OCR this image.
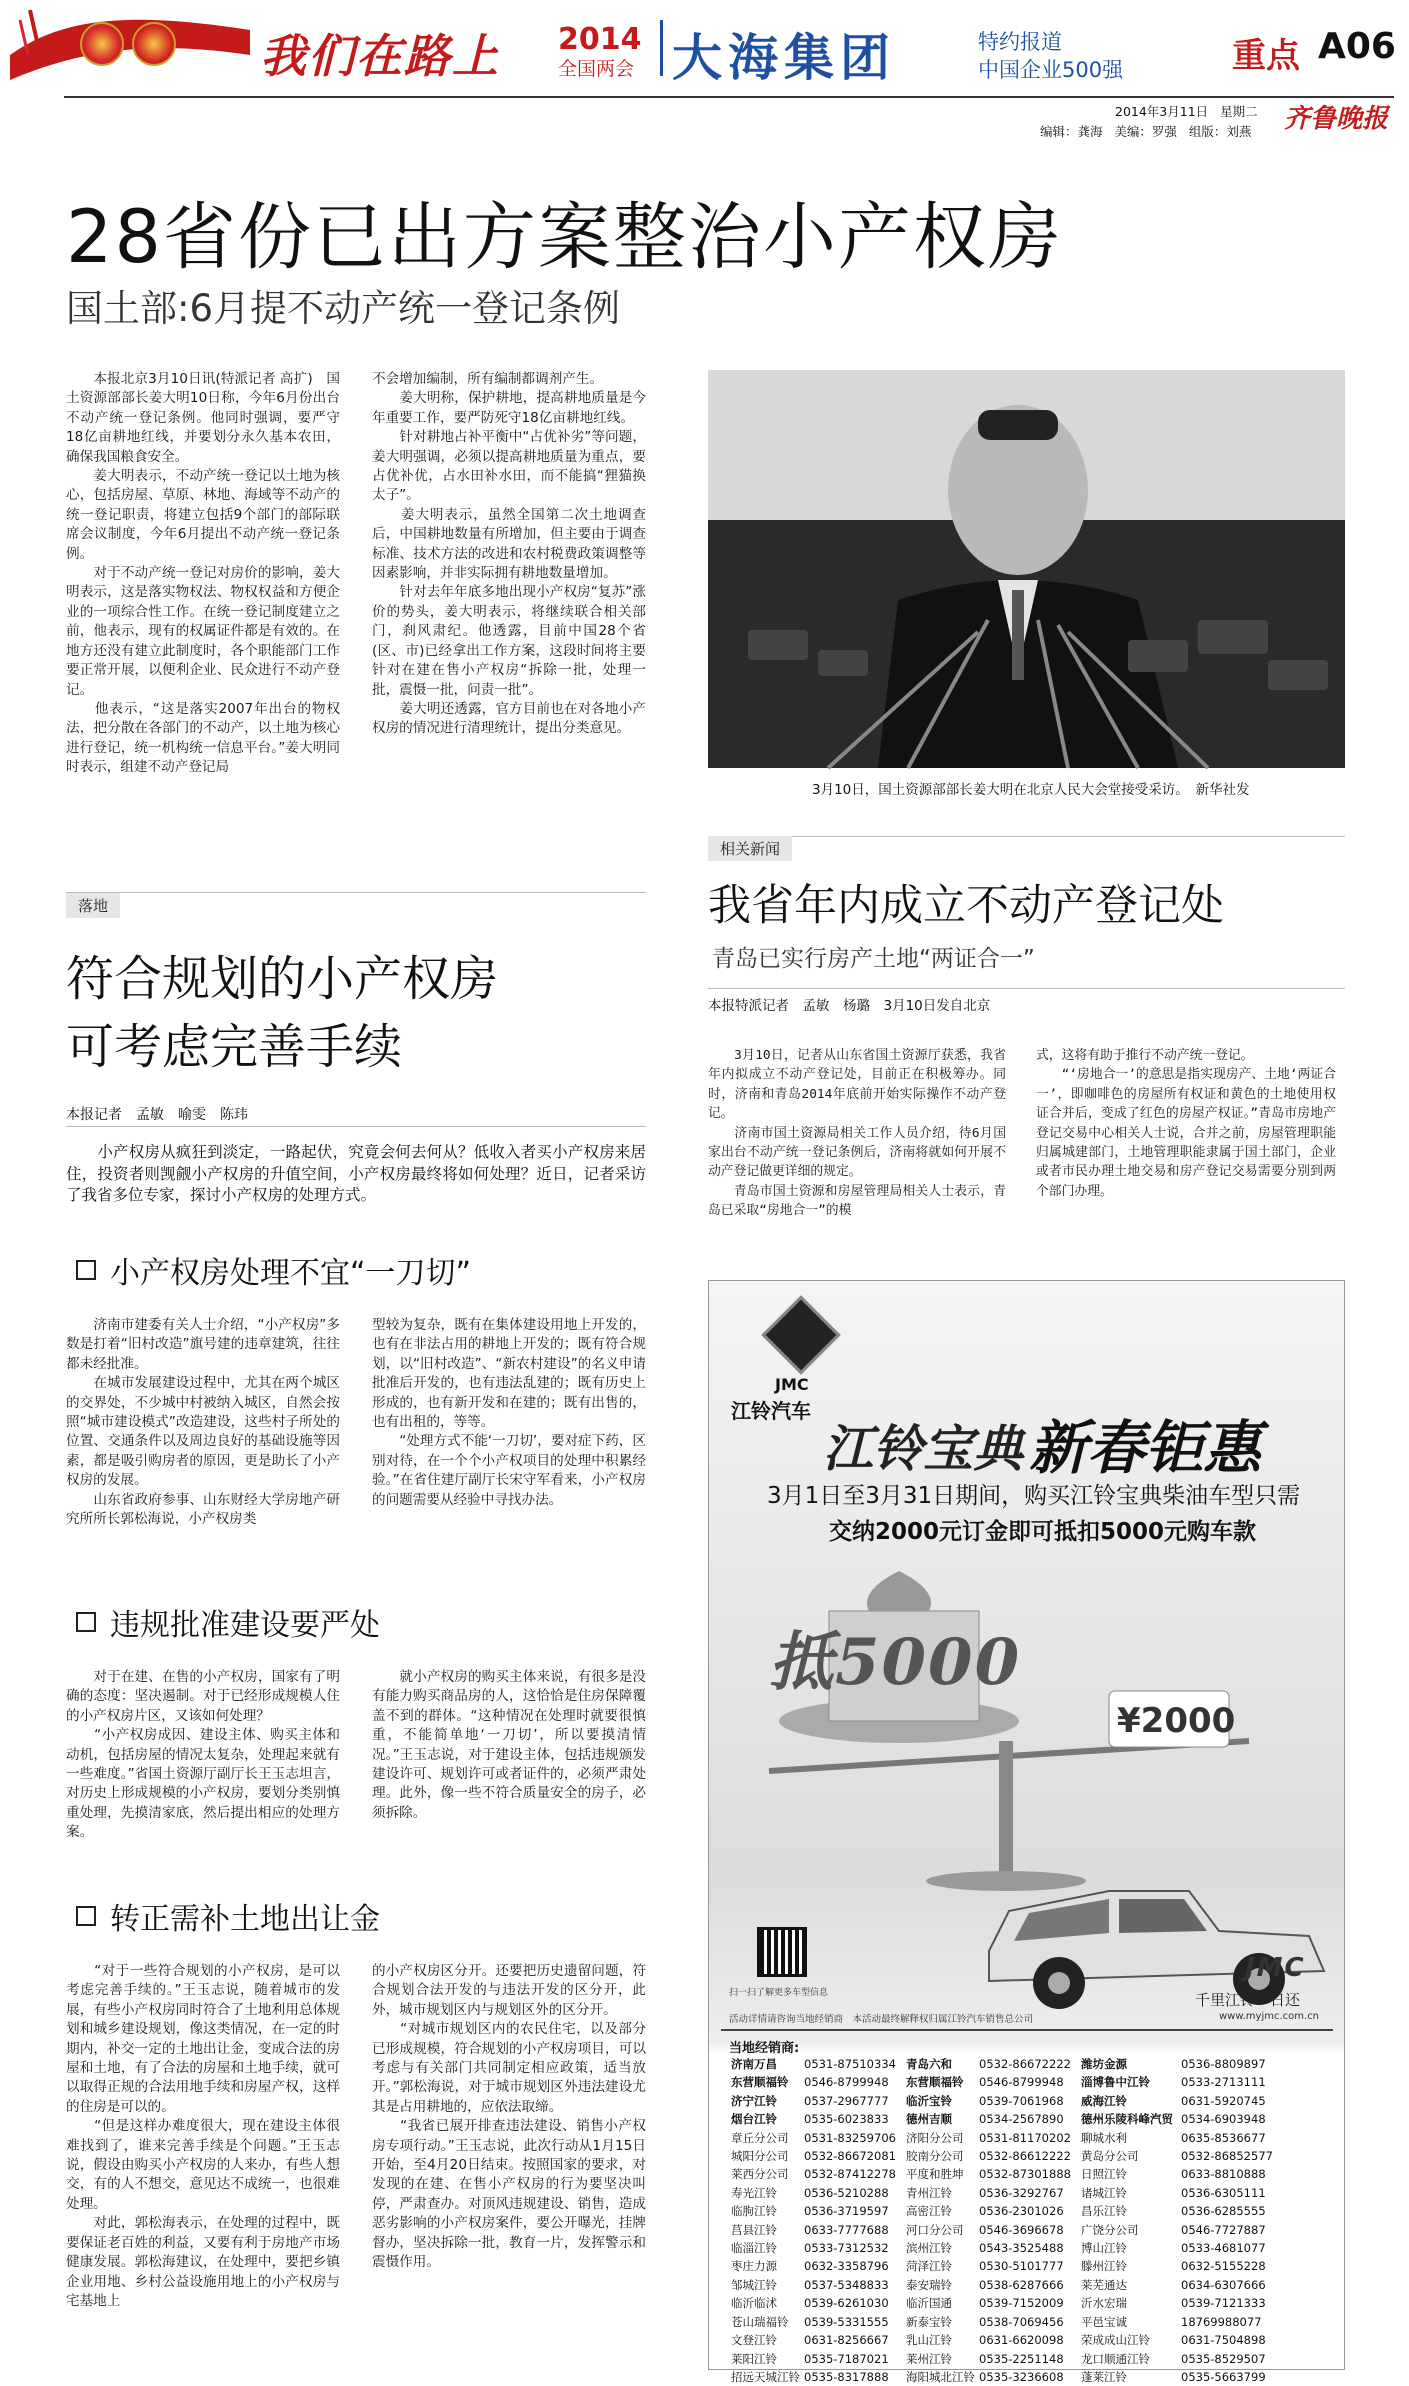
我们在路上 2014
全国两会 大海集团	特约报道
中国企业500强	重点 A06
2014年3月11日   星期二 齐鲁晚报
编辑：龚海   美编：罗强   组版：刘燕
28省份已出方案整治小产权房
国土部:6月提不动产统一登记条例
　　本报北京3月10日讯(特派记者 高扩)　国土资源部部长姜大明10日称，今年6月份出台不动产统一登记条例。他同时强调，要严守18亿亩耕地红线，并要划分永久基本农田，确保我国粮食安全。
　　姜大明表示，不动产统一登记以土地为核心，包括房屋、草原、林地、海域等不动产的统一登记职责，将建立包括9个部门的部际联席会议制度，今年6月提出不动产统一登记条例。
　　对于不动产统一登记对房价的影响，姜大明表示，这是落实物权法、物权权益和方便企业的一项综合性工作。在统一登记制度建立之前，他表示，现有的权属证件都是有效的。在地方还没有建立此制度时，各个职能部门工作要正常开展，以便利企业、民众进行不动产登记。
　　他表示，“这是落实2007年出台的物权法，把分散在各部门的不动产，以土地为核心进行登记，统一机构统一信息平台。”姜大明同时表示，组建不动产登记局
不会增加编制，所有编制都调剂产生。
　　姜大明称，保护耕地，提高耕地质量是今年重要工作，要严防死守18亿亩耕地红线。
　　针对耕地占补平衡中“占优补劣”等问题，姜大明强调，必须以提高耕地质量为重点，要占优补优，占水田补水田，而不能搞“狸猫换太子”。
　　姜大明表示，虽然全国第二次土地调查后，中国耕地数量有所增加，但主要由于调查标准、技术方法的改进和农村税费政策调整等因素影响，并非实际拥有耕地数量增加。
　　针对去年年底多地出现小产权房“复苏”涨价的势头，姜大明表示，将继续联合相关部门，刹风肃纪。他透露，目前中国28个省(区、市)已经拿出工作方案，这段时间将主要针对在建在售小产权房“拆除一批，处理一批，震慑一批，问责一批”。
　　姜大明还透露，官方目前也在对各地小产权房的情况进行清理统计，提出分类意见。
3月10日，国土资源部部长姜大明在北京人民大会堂接受采访。　新华社发
相关新闻
我省年内成立不动产登记处
青岛已实行房产土地“两证合一”
本报特派记者　孟敏　杨璐　3月10日发自北京
　　3月10日，记者从山东省国土资源厅获悉，我省年内拟成立不动产登记处，目前正在积极筹办。同时，济南和青岛2014年底前开始实际操作不动产登记。
　　济南市国土资源局相关工作人员介绍，待6月国家出台不动产统一登记条例后，济南将就如何开展不动产登记做更详细的规定。
　　青岛市国土资源和房屋管理局相关人士表示，青岛已采取“房地合一”的模
式，这将有助于推行不动产统一登记。
　　“‘房地合一’的意思是指实现房产、土地‘两证合一’，即咖啡色的房屋所有权证和黄色的土地使用权证合并后，变成了红色的房屋产权证。”青岛市房地产登记交易中心相关人士说，合并之前，房屋管理职能归属城建部门，土地管理职能隶属于国土部门，企业或者市民办理土地交易和房产登记交易需要分别到两个部门办理。
落地
符合规划的小产权房
可考虑完善手续
本报记者　孟敏　喻雯　陈玮
　　小产权房从疯狂到淡定，一路起伏，究竟会何去何从？低收入者买小产权房来居住，投资者则觊觎小产权房的升值空间，小产权房最终将如何处理？近日，记者采访了我省多位专家，探讨小产权房的处理方式。
小产权房处理不宜“一刀切”
　　济南市建委有关人士介绍，“小产权房”多数是打着“旧村改造”旗号建的违章建筑，往往都未经批准。
　　在城市发展建设过程中，尤其在两个城区的交界处，不少城中村被纳入城区，自然会按照“城市建设模式”改造建设，这些村子所处的位置、交通条件以及周边良好的基础设施等因素，都是吸引购房者的原因，更是助长了小产权房的发展。
　　山东省政府参事、山东财经大学房地产研究所所长郭松海说，小产权房类
型较为复杂，既有在集体建设用地上开发的，也有在非法占用的耕地上开发的；既有符合规划，以“旧村改造”、“新农村建设”的名义申请批准后开发的，也有违法乱建的；既有历史上形成的，也有新开发和在建的；既有出售的，也有出租的，等等。
　　“处理方式不能‘一刀切’，要对症下药，区别对待，在一个个小产权项目的处理中积累经验。”在省住建厅副厅长宋守军看来，小产权房的问题需要从经验中寻找办法。
违规批准建设要严处
　　对于在建、在售的小产权房，国家有了明确的态度：坚决遏制。对于已经形成规模人住的小产权房片区，又该如何处理？
　　“小产权房成因、建设主体、购买主体和动机，包括房屋的情况太复杂，处理起来就有一些难度。”省国土资源厅副厅长王玉志坦言，对历史上形成规模的小产权房，要划分类别慎重处理，先摸清家底，然后提出相应的处理方案。
　　就小产权房的购买主体来说，有很多是没有能力购买商品房的人，这恰恰是住房保障覆盖不到的群体。“这种情况在处理时就要很慎重，不能简单地‘一刀切’，所以要摸清情况。”王玉志说，对于建设主体，包括违规颁发建设许可、规划许可或者证件的，必须严肃处理。此外，像一些不符合质量安全的房子，必须拆除。
转正需补土地出让金
　　“对于一些符合规划的小产权房，是可以考虑完善手续的。”王玉志说，随着城市的发展，有些小产权房同时符合了土地利用总体规划和城乡建设规划，像这类情况，在一定的时期内，补交一定的土地出让金，变成合法的房屋和土地，有了合法的房屋和土地手续，就可以取得正规的合法用地手续和房屋产权，这样的住房是可以的。
　　“但是这样办难度很大，现在建设主体很难找到了，谁来完善手续是个问题。”王玉志说，假设由购买小产权房的人来办，有些人想交，有的人不想交，意见达不成统一，也很难处理。
　　对此，郭松海表示，在处理的过程中，既要保证老百姓的利益，又要有利于房地产市场健康发展。郭松海建议，在处理中，要把乡镇企业用地、乡村公益设施用地上的小产权房与宅基地上
的小产权房区分开。还要把历史遗留问题，符合规划合法开发的与违法开发的区分开，此外，城市规划区内与规划区外的区分开。
　　“对城市规划区内的农民住宅，以及部分已形成规模，符合规划的小产权房项目，可以考虑与有关部门共同制定相应政策，适当放开。”郭松海说，对于城市规划区外违法建设尤其是占用耕地的，应依法取缔。
　　“我省已展开排查违法建设、销售小产权房专项行动。”王玉志说，此次行动从1月15日开始，至4月20日结束。按照国家的要求，对发现的在建、在售小产权房的行为要坚决叫停，严肃查办。对顶风违规建设、销售，造成恶劣影响的小产权房案件，要公开曝光，挂牌督办，坚决拆除一批，教育一片，发挥警示和震慑作用。
JMC
江铃汽车
江铃宝典 新春钜惠
3月1日至3月31日期间，购买江铃宝典柴油车型只需
交纳2000元订金即可抵扣5000元购车款
抵5000
¥2000
扫一扫了解更多车型信息
JMC
千里江铃一日还
活动详情请咨询当地经销商　本活动最终解释权归属江铃汽车销售总公司	www.myjmc.com.cn
当地经销商:
济南万昌	0531-87510334	青岛六和	0532-86672222	潍坊金源	0536-8809897
东营顺福铃	0546-8799948	东营顺福铃	0546-8799948	淄博鲁中江铃	0533-2713111
济宁江铃	0537-2967777	临沂宝铃	0539-7061968	威海江铃	0631-5920745
烟台江铃	0535-6023833	德州吉顺	0534-2567890	德州乐陵科峰汽贸	0534-6903948
章丘分公司	0531-83259706	济阳分公司	0531-81170202	聊城水利	0635-8536677
城阳分公司	0532-86672081	胶南分公司	0532-86612222	黄岛分公司	0532-86852577
莱西分公司	0532-87412278	平度和胜坤	0532-87301888	日照江铃	0633-8810888
寿光江铃	0536-5210288	青州江铃	0536-3292767	诸城江铃	0536-6305111
临朐江铃	0536-3719597	高密江铃	0536-2301026	昌乐江铃	0536-6285555
莒县江铃	0633-7777688	河口分公司	0546-3696678	广饶分公司	0546-7727887
临淄江铃	0533-7312532	滨州江铃	0543-3525488	博山江铃	0533-4681077
枣庄力源	0632-3358796	菏泽江铃	0530-5101777	滕州江铃	0632-5155228
邹城江铃	0537-5348833	泰安瑞铃	0538-6287666	莱芜通达	0634-6307666
临沂临沭	0539-6261030	临沂国通	0539-7152009	沂水宏瑞	0539-7121333
苍山瑞福铃	0539-5331555	新泰宝铃	0538-7069456	平邑宝诚	18769988077
文登江铃	0631-8256667	乳山江铃	0631-6620098	荣成成山江铃	0631-7504898
莱阳江铃	0535-7187021	莱州江铃	0535-2251148	龙口顺通江铃	0535-8529507
招远天城江铃	0535-8317888	海阳城北江铃	0535-3236608	蓬莱江铃	0535-5663799
